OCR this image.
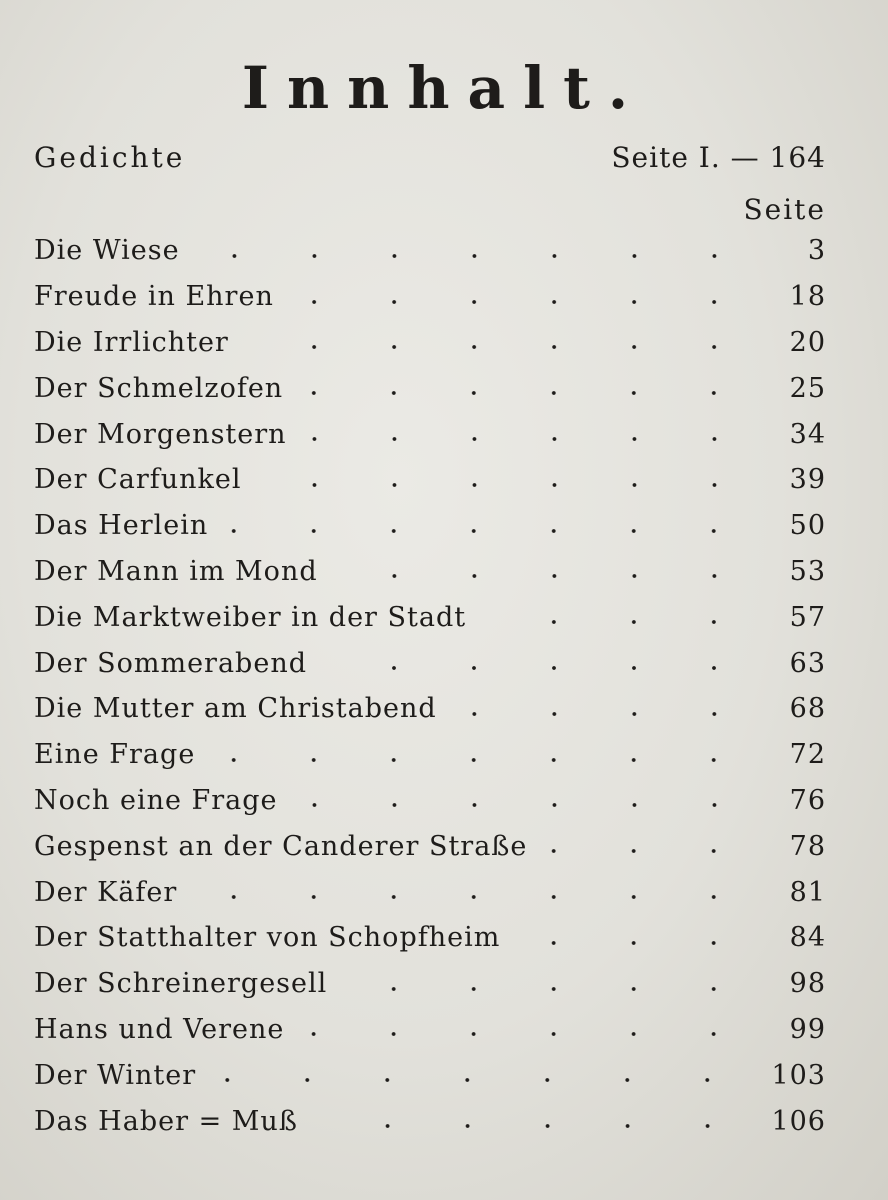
Innhalt.
Gedichte	Seite I. — 164
Seite
Die Wiese	3
Freude in Ehren	18
Die Irrlichter	20
Der Schmelzofen	25
Der Morgenstern	34
Der Carfunkel	39
Das Herlein	50
Der Mann im Mond	53
Die Marktweiber in der Stadt	57
Der Sommerabend	63
Die Mutter am Christabend	68
Eine Frage	72
Noch eine Frage	76
Gespenst an der Canderer Straße	78
Der Käfer	81
Der Statthalter von Schopfheim	84
Der Schreinergesell	98
Hans und Verene	99
Der Winter	103
Das Haber = Muß	106
